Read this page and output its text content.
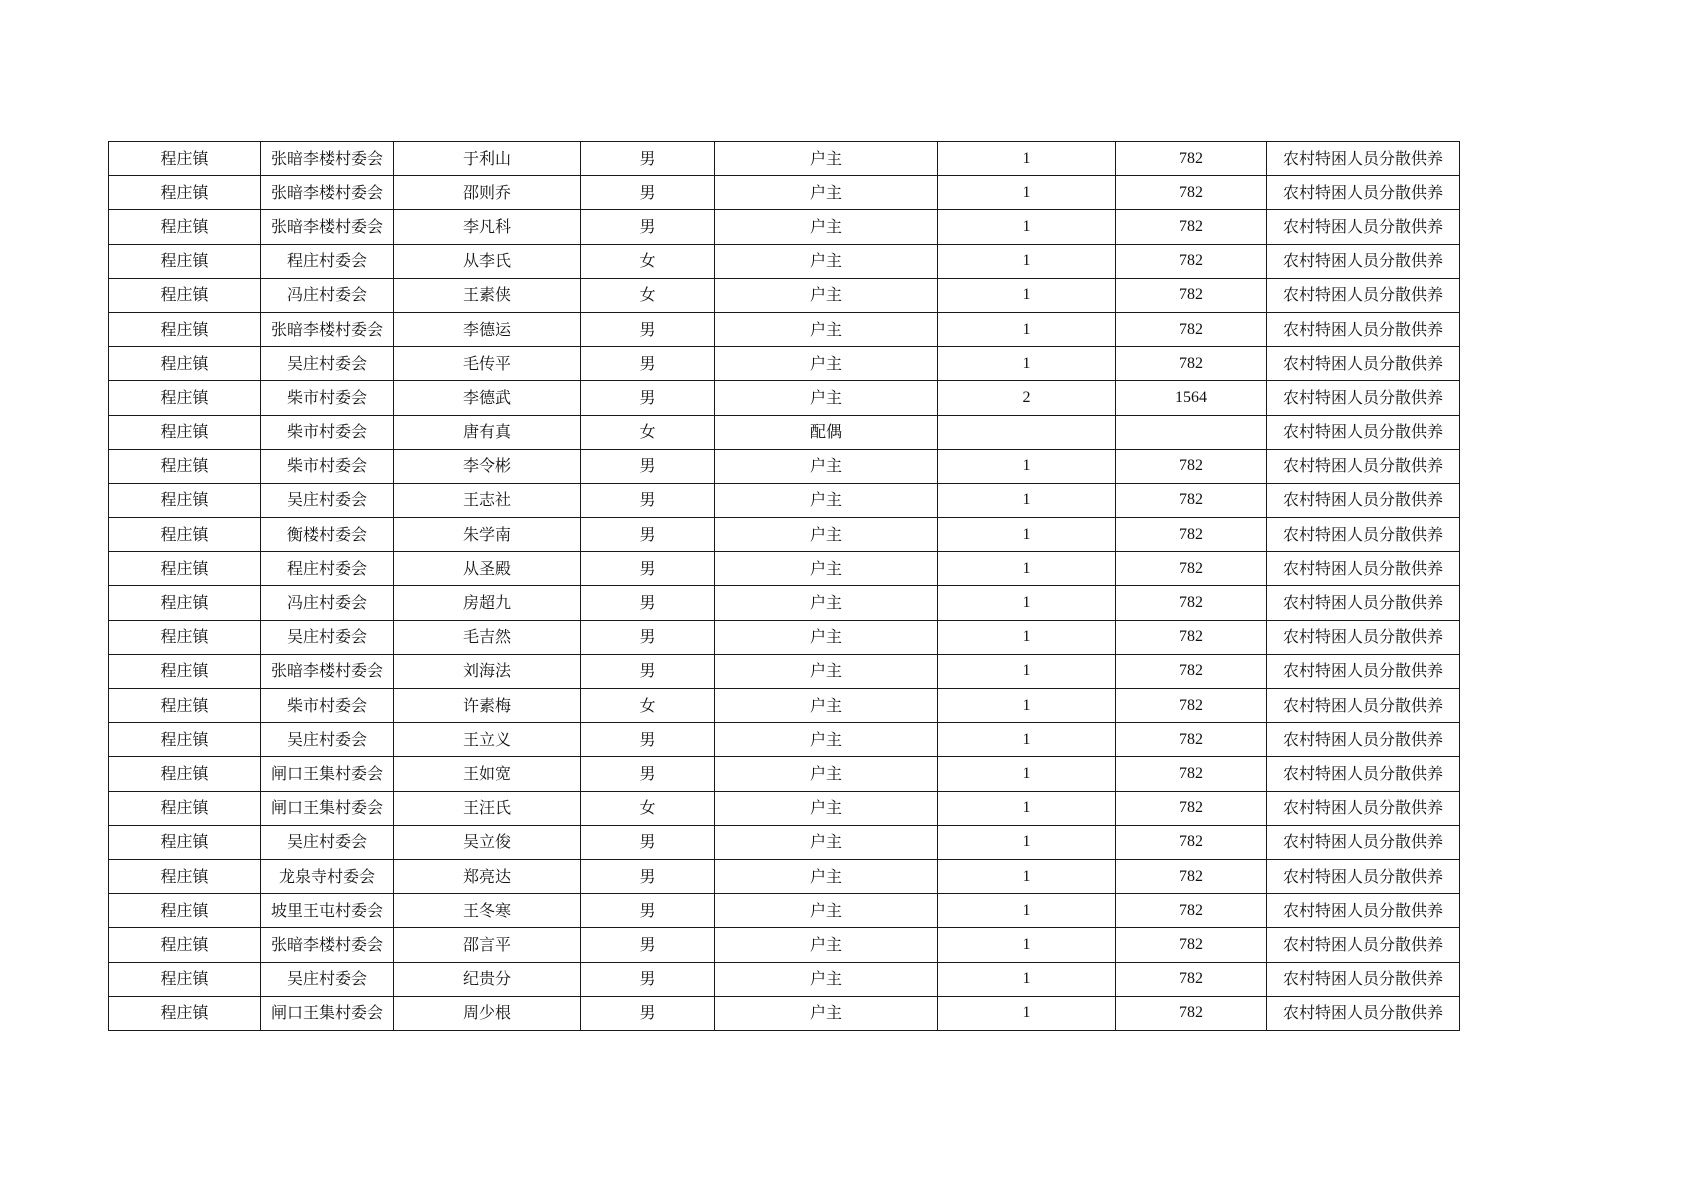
程庄镇	张暗李楼村委会	于利山	男	户主	1	782	农村特困人员分散供养
程庄镇	张暗李楼村委会	邵则乔	男	户主	1	782	农村特困人员分散供养
程庄镇	张暗李楼村委会	李凡科	男	户主	1	782	农村特困人员分散供养
程庄镇	程庄村委会	从李氏	女	户主	1	782	农村特困人员分散供养
程庄镇	冯庄村委会	王素侠	女	户主	1	782	农村特困人员分散供养
程庄镇	张暗李楼村委会	李德运	男	户主	1	782	农村特困人员分散供养
程庄镇	吴庄村委会	毛传平	男	户主	1	782	农村特困人员分散供养
程庄镇	柴市村委会	李德武	男	户主	2	1564	农村特困人员分散供养
程庄镇	柴市村委会	唐有真	女	配偶			农村特困人员分散供养
程庄镇	柴市村委会	李令彬	男	户主	1	782	农村特困人员分散供养
程庄镇	吴庄村委会	王志社	男	户主	1	782	农村特困人员分散供养
程庄镇	衡楼村委会	朱学南	男	户主	1	782	农村特困人员分散供养
程庄镇	程庄村委会	从圣殿	男	户主	1	782	农村特困人员分散供养
程庄镇	冯庄村委会	房超九	男	户主	1	782	农村特困人员分散供养
程庄镇	吴庄村委会	毛吉然	男	户主	1	782	农村特困人员分散供养
程庄镇	张暗李楼村委会	刘海法	男	户主	1	782	农村特困人员分散供养
程庄镇	柴市村委会	许素梅	女	户主	1	782	农村特困人员分散供养
程庄镇	吴庄村委会	王立义	男	户主	1	782	农村特困人员分散供养
程庄镇	闸口王集村委会	王如宽	男	户主	1	782	农村特困人员分散供养
程庄镇	闸口王集村委会	王汪氏	女	户主	1	782	农村特困人员分散供养
程庄镇	吴庄村委会	吴立俊	男	户主	1	782	农村特困人员分散供养
程庄镇	龙泉寺村委会	郑亮达	男	户主	1	782	农村特困人员分散供养
程庄镇	坡里王屯村委会	王冬寒	男	户主	1	782	农村特困人员分散供养
程庄镇	张暗李楼村委会	邵言平	男	户主	1	782	农村特困人员分散供养
程庄镇	吴庄村委会	纪贵分	男	户主	1	782	农村特困人员分散供养
程庄镇	闸口王集村委会	周少根	男	户主	1	782	农村特困人员分散供养
